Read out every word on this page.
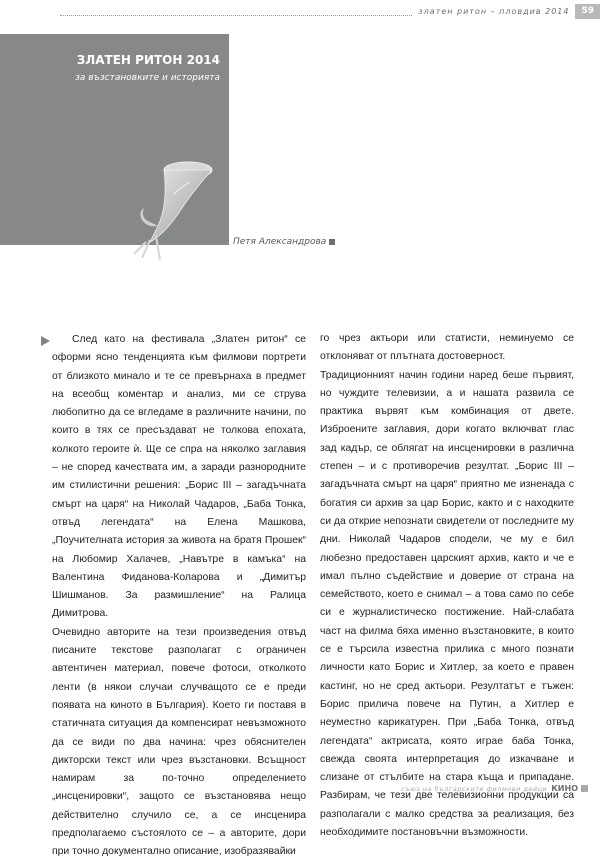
златен ритон – пловдив 2014	59
ЗЛАТЕН РИТОН 2014
за възстановките и историята
Петя Александрова

След като на фестивала „Златен ритон“ се оформи ясно тенденцията към филмови портрети от близкото минало и те се превърнаха в предмет на всеобщ коментар и анализ, ми се струва любопитно да се вгледаме в различните начини, по които в тях се пресъздават не толкова епохата, колкото героите ѝ. Ще се спра на няколко заглавия – не според качествата им, а заради разнородните им стилистични решения: „Борис III – загадъчната смърт на царя“ на Николай Чадаров, „Баба Тонка, отвъд легендата“ на Елена Машкова, „Поучителната история за живота на братя Прошек“ на Любомир Халачев, „Навътре в камъка“ на Валентина Фиданова-Коларова и „Димитър Шишманов. За размишление“ на Ралица Димитрова.

Очевидно авторите на тези произведения отвъд писаните текстове разполагат с ограничен автентичен материал, повече фотоси, отколкото ленти (в някои случаи случващото се е преди появата на киното в България). Което ги поставя в статичната ситуация да компенсират невъзможното да се види по два начина: чрез обяснителен дикторски текст или чрез възстановки. Всъщност намирам за по-точно определението „инсценировки“, защото се възстановява нещо действително случило се, а се инсценира предполагаемо състоялото се – а авторите, дори при точно документално описание, изобразявайки

го чрез актьори или статисти, неминуемо се отклоняват от плътната достоверност.

Традиционният начин години наред беше първият, но чуждите телевизии, а и нашата развила се практика вървят към комбинация от двете. Изброените заглавия, дори когато включват глас зад кадър, се облягат на инсценировки в различна степен – и с противоречив резултат. „Борис III – загадъчната смърт на царя“ приятно ме изненада с богатия си архив за цар Борис, както и с находките си да открие непознати свидетели от последните му дни. Николай Чадаров сподели, че му е бил любезно предоставен царският архив, както и че е имал пълно съдействие и доверие от страна на семейството, което е снимал – а това само по себе си е журналистическо постижение. Най-слабата част на филма бяха именно възстановките, в които се е търсила известна прилика с много познати личности като Борис и Хитлер, за което е правен кастинг, но не сред актьори. Резултатът е тъжен: Борис прилича повече на Путин, а Хитлер е неуместно карикатурен. При „Баба Тонка, отвъд легендата“ актрисата, която играе баба Тонка, свежда своята интерпретация до изкачване и слизане от стълбите на стара къща и припадане. Разбирам, че тези две телевизионни продукции са разполагали с малко средства за реализация, без необходимите постановъчни възможности.

съюз на българските филмови дейци КИНО
